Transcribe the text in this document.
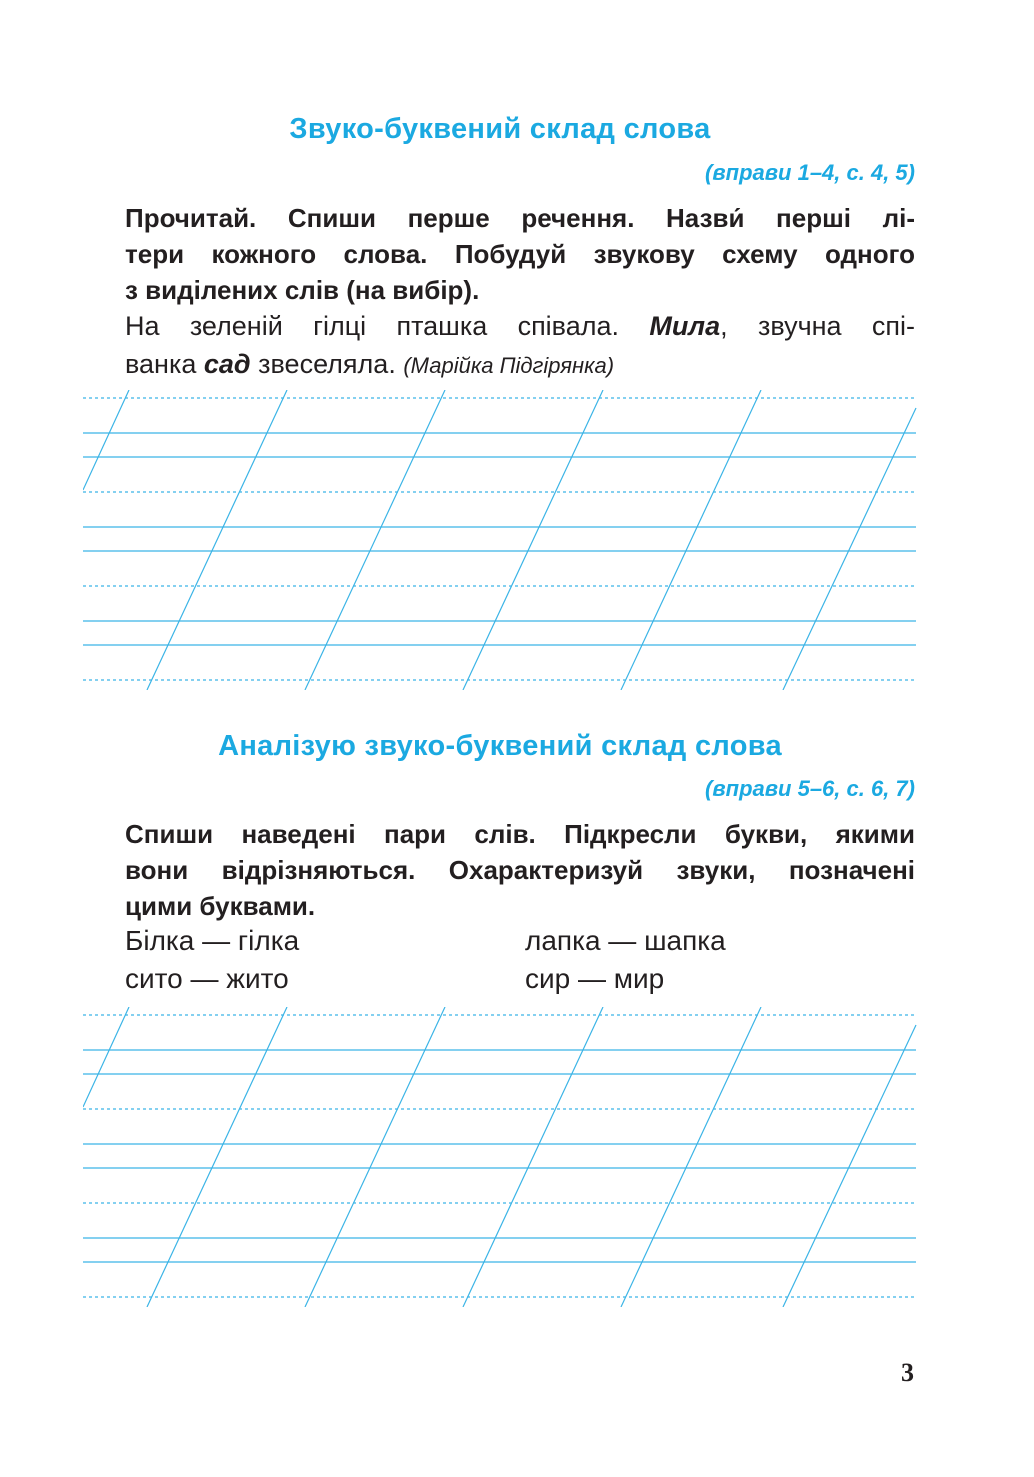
Звуко-буквений склад слова
(вправи 1–4, с. 4, 5)
Прочитай. Спиши перше речення. Назви́ перші лі-
тери кожного слова. Побудуй звукову схему одного
з виділених слів (на вибір).
На зеленій гілці пташка співала. Мила, звучна спі-
ванка сад звеселяла. (Марійка Підгірянка)
Аналізую звуко-буквений склад слова
(вправи 5–6, с. 6, 7)
Спиши наведені пари слів. Підкресли букви, якими
вони відрізняються. Охарактеризуй звуки, позначені
цими буквами.
Білка — гілка	лапка — шапка
сито — жито	сир — мир
3
